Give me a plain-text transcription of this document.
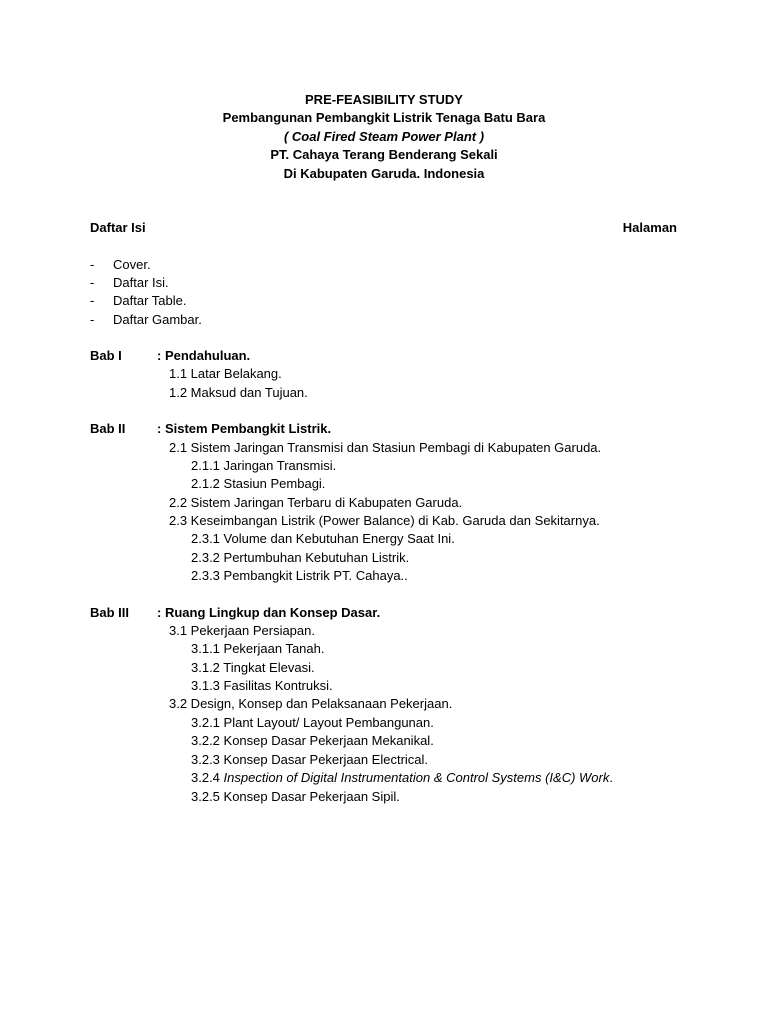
PRE-FEASIBILITY STUDY
Pembangunan Pembangkit Listrik Tenaga Batu Bara
( Coal Fired Steam Power Plant )
PT. Cahaya Terang Benderang Sekali
Di Kabupaten Garuda. Indonesia
Daftar Isi	Halaman
- Cover.
- Daftar Isi.
- Daftar Table.
- Daftar Gambar.
Bab I	: Pendahuluan.
1.1 Latar Belakang.
1.2 Maksud dan Tujuan.
Bab II : Sistem Pembangkit Listrik.
2.1 Sistem Jaringan Transmisi dan Stasiun Pembagi di Kabupaten Garuda.
2.1.1 Jaringan Transmisi.
2.1.2 Stasiun Pembagi.
2.2 Sistem Jaringan Terbaru di Kabupaten Garuda.
2.3 Keseimbangan Listrik (Power Balance) di Kab. Garuda dan Sekitarnya.
2.3.1 Volume dan Kebutuhan Energy Saat Ini.
2.3.2 Pertumbuhan Kebutuhan Listrik.
2.3.3 Pembangkit Listrik PT. Cahaya..
Bab III : Ruang Lingkup dan Konsep Dasar.
3.1 Pekerjaan Persiapan.
3.1.1 Pekerjaan Tanah.
3.1.2 Tingkat Elevasi.
3.1.3 Fasilitas Kontruksi.
3.2 Design, Konsep dan Pelaksanaan Pekerjaan.
3.2.1 Plant Layout/ Layout Pembangunan.
3.2.2 Konsep Dasar Pekerjaan Mekanikal.
3.2.3 Konsep Dasar Pekerjaan Electrical.
3.2.4 Inspection of Digital Instrumentation & Control Systems (I&C) Work.
3.2.5 Konsep Dasar Pekerjaan Sipil.
